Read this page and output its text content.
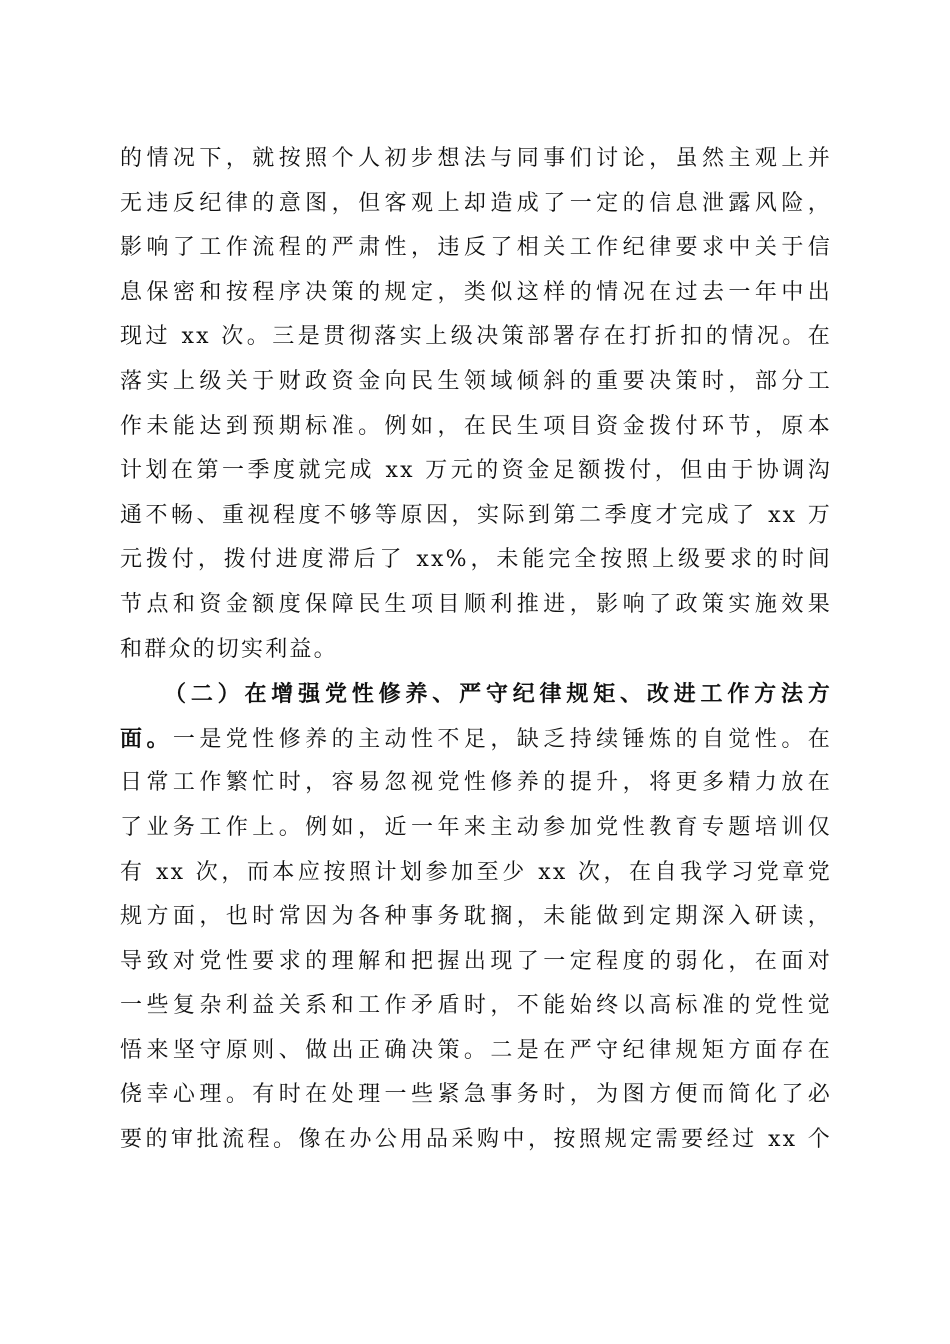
的情况下，就按照个人初步想法与同事们讨论，虽然主观上并
无违反纪律的意图，但客观上却造成了一定的信息泄露风险，
影响了工作流程的严肃性，违反了相关工作纪律要求中关于信
息保密和按程序决策的规定，类似这样的情况在过去一年中出
现过 xx 次。三是贯彻落实上级决策部署存在打折扣的情况。在
落实上级关于财政资金向民生领域倾斜的重要决策时，部分工
作未能达到预期标准。例如，在民生项目资金拨付环节，原本
计划在第一季度就完成 xx 万元的资金足额拨付，但由于协调沟
通不畅、重视程度不够等原因，实际到第二季度才完成了 xx 万
元拨付，拨付进度滞后了 xx%，未能完全按照上级要求的时间
节点和资金额度保障民生项目顺利推进，影响了政策实施效果
和群众的切实利益。
（二）在增强党性修养、严守纪律规矩、改进工作方法方
面。一是党性修养的主动性不足，缺乏持续锤炼的自觉性。在
日常工作繁忙时，容易忽视党性修养的提升，将更多精力放在
了业务工作上。例如，近一年来主动参加党性教育专题培训仅
有 xx 次，而本应按照计划参加至少 xx 次，在自我学习党章党
规方面，也时常因为各种事务耽搁，未能做到定期深入研读，
导致对党性要求的理解和把握出现了一定程度的弱化，在面对
一些复杂利益关系和工作矛盾时，不能始终以高标准的党性觉
悟来坚守原则、做出正确决策。二是在严守纪律规矩方面存在
侥幸心理。有时在处理一些紧急事务时，为图方便而简化了必
要的审批流程。像在办公用品采购中，按照规定需要经过 xx 个
